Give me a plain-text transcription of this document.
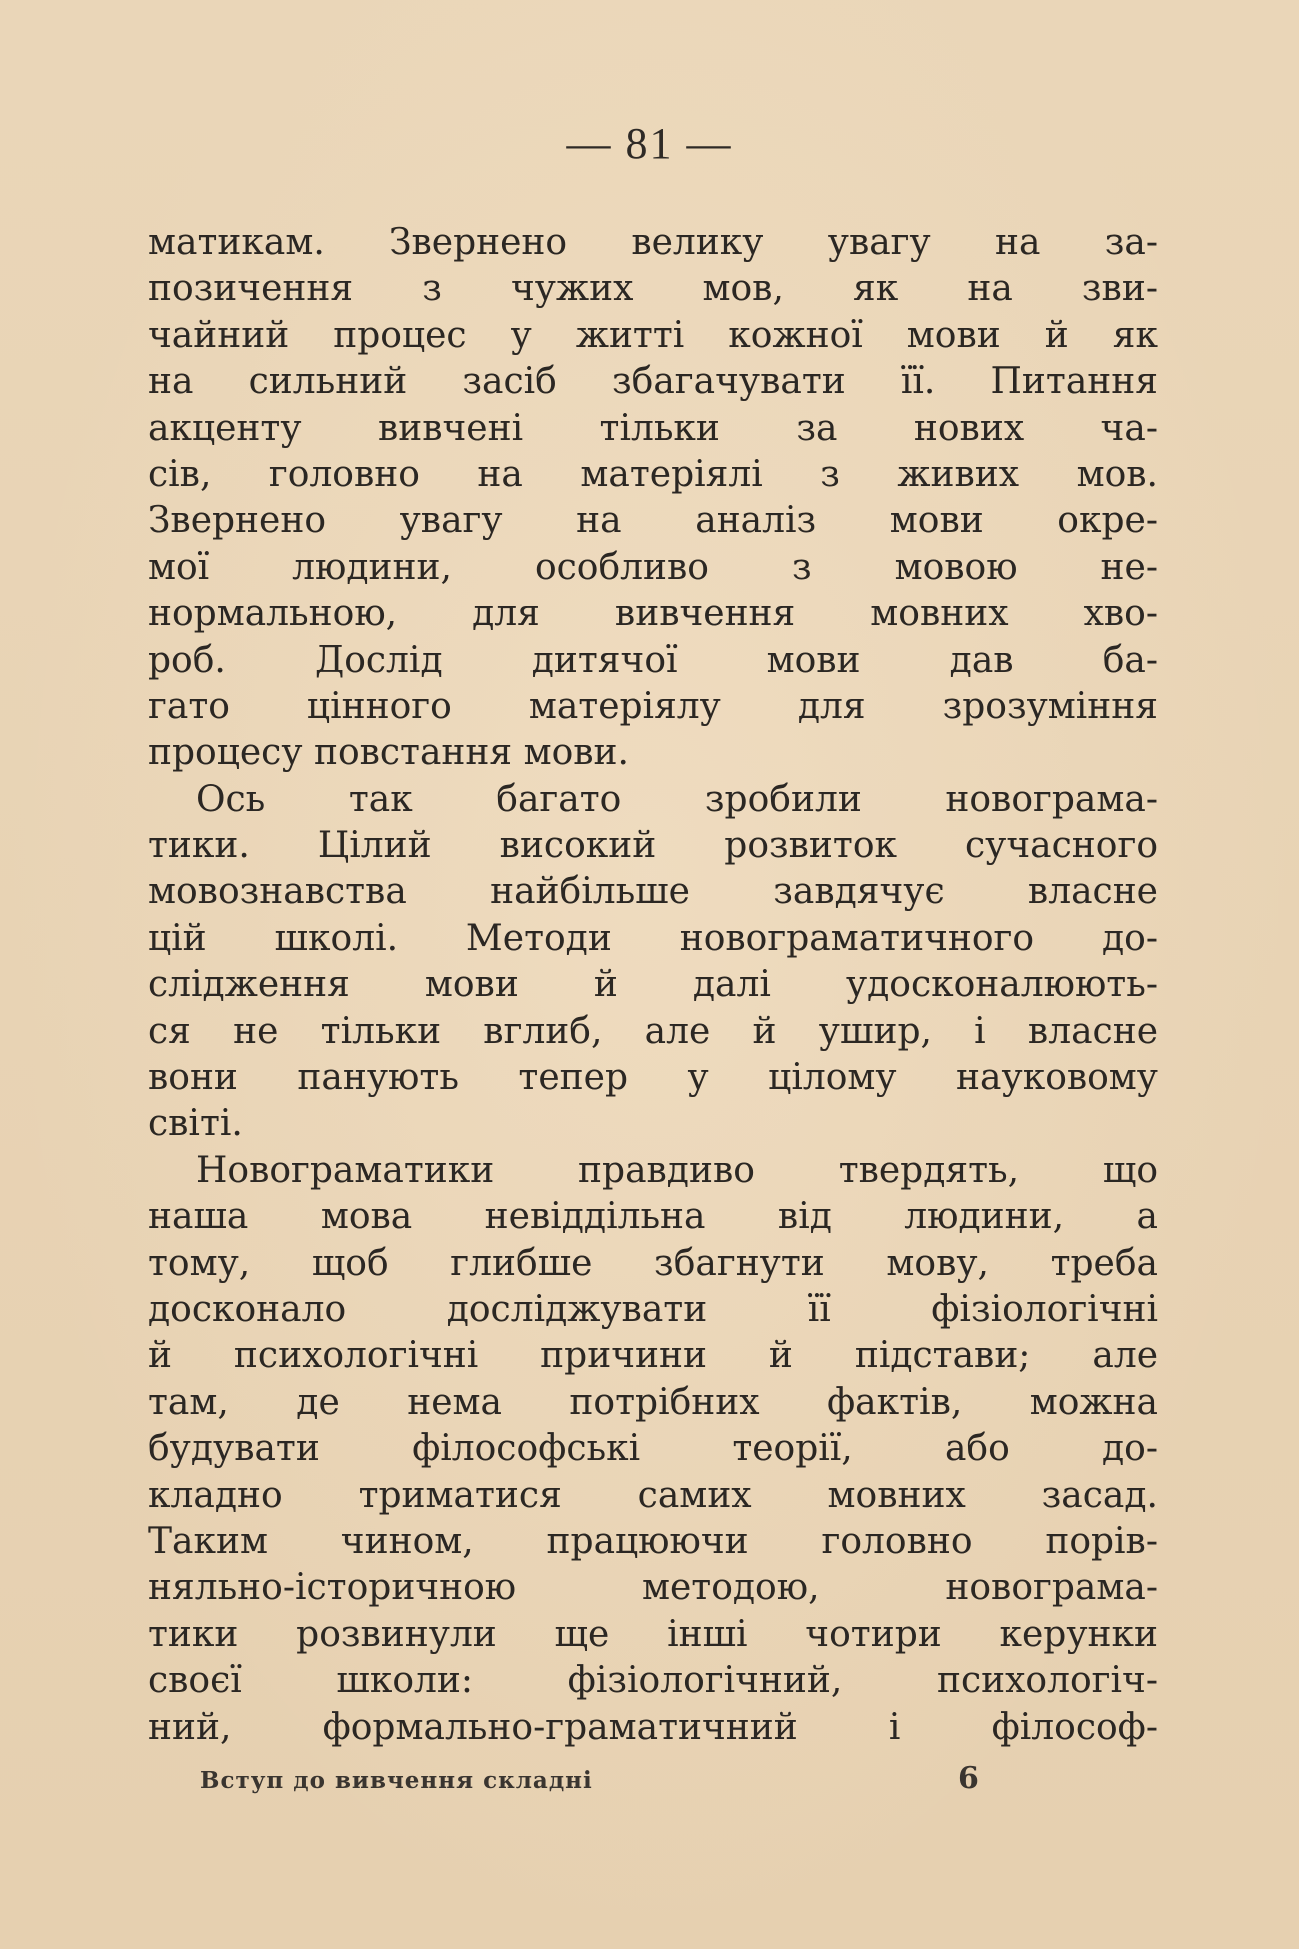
— 81 —
матикам. Звернено велику увагу на за-
позичення з чужих мов, як на зви-
чайний процес у житті кожної мови й як
на сильний засіб збагачувати її. Питання
акценту вивчені тільки за нових ча-
сів, головно на матеріялі з живих мов.
Звернено увагу на аналіз мови окре-
мої людини, особливо з мовою не-
нормальною, для вивчення мовних хво-
роб. Дослід дитячої мови дав ба-
гато цінного матеріялу для зрозуміння
процесу повстання мови.
Ось так багато зробили новограма-
тики. Цілий високий розвиток сучасного
мовознавства найбільше завдячує власне
цій школі. Методи новограматичного до-
слідження мови й далі удосконалюють-
ся не тільки вглиб, але й ушир, і власне
вони панують тепер у цілому науковому
світі.
Новограматики правдиво твердять, що
наша мова невіддільна від людини, а
тому, щоб глибше збагнути мову, треба
досконало досліджувати її фізіологічні
й психологічні причини й підстави; але
там, де нема потрібних фактів, можна
будувати філософські теорії, або до-
кладно триматися самих мовних засад.
Таким чином, працюючи головно порів-
няльно-історичною методою, новограма-
тики розвинули ще інші чотири керунки
своєї школи: фізіологічний, психологіч-
ний, формально-граматичний і філософ-
Вступ до вивчення складні	6
